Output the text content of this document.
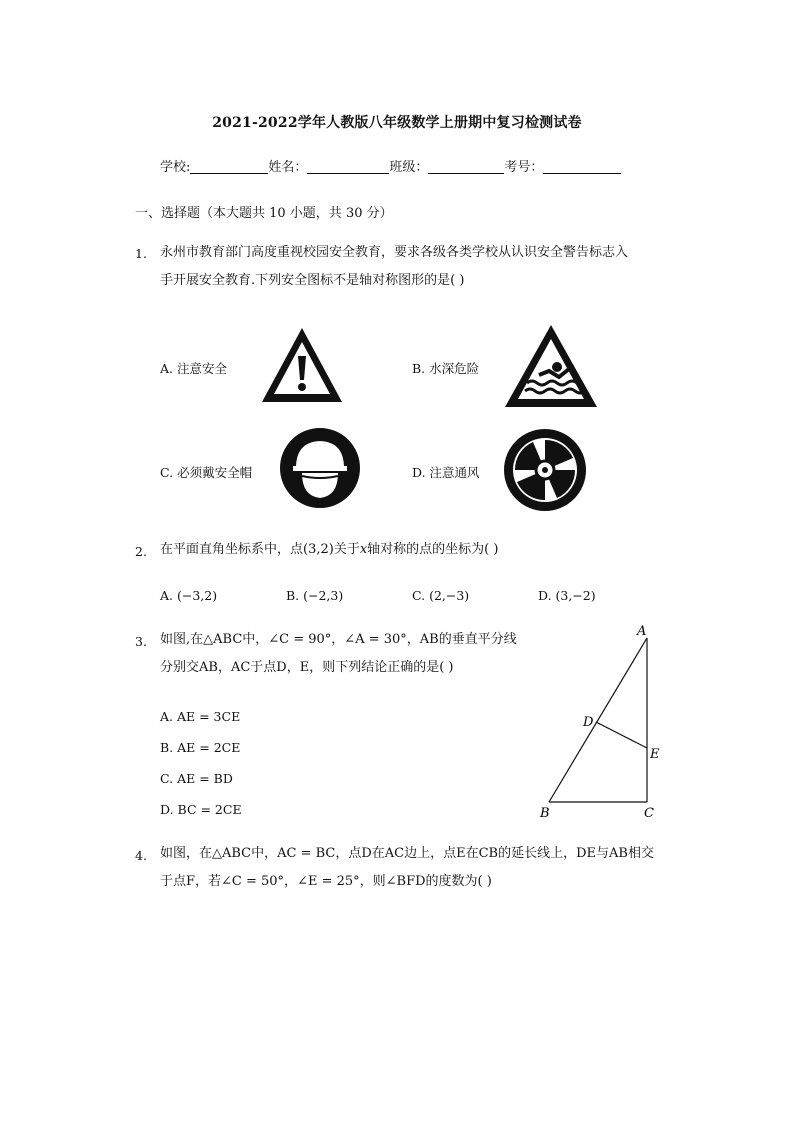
2021-2022学年人教版八年级数学上册期中复习检测试卷
学校:	姓名：	班级：	考号：
一、选择题（本大题共 10 小题，共 30 分）
1. 永州市教育部门高度重视校园安全教育，要求各级各类学校从认识安全警告标志入
手开展安全教育.下列安全图标不是轴对称图形的是( )
A. 注意安全	B. 水深危险
C. 必须戴安全帽	D. 注意通风
2. 在平面直角坐标系中，点(3,2)关于x轴对称的点的坐标为( )
A. (−3,2)	B. (−2,3)	C. (2,−3)	D. (3,−2)
3. 如图,在△ABC中，∠C = 90°，∠A = 30°，AB的垂直平分线
分别交AB，AC于点D，E，则下列结论正确的是( )
A. AE = 3CE
B. AE = 2CE
C. AE = BD
D. BC = 2CE
A
B	C
D
E
4. 如图，在△ABC中，AC = BC，点D在AC边上，点E在CB的延长线上，DE与AB相交
于点F，若∠C = 50°，∠E = 25°，则∠BFD的度数为( )
